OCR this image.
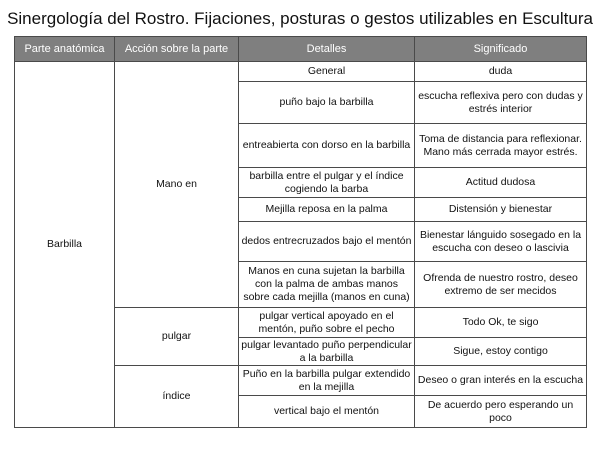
Sinergología del Rostro. Fijaciones, posturas o gestos utilizables en Escultura
Parte anatómica	Acción sobre la parte	Detalles	Significado
Barbilla	Mano en	General	duda
		puño bajo la barbilla	escucha reflexiva pero con dudas y estrés interior
		entreabierta con dorso en la barbilla	Toma de distancia para reflexionar. Mano más cerrada mayor estrés.
		barbilla entre el pulgar y el índice cogiendo la barba	Actitud dudosa
		Mejilla reposa en la palma	Distensión y bienestar
		dedos entrecruzados bajo el mentón	Bienestar lánguido sosegado en la escucha con deseo o lascivia
		Manos en cuna sujetan la barbilla con la palma de ambas manos sobre cada mejilla (manos en cuna)	Ofrenda de nuestro rostro, deseo extremo de ser mecidos
	pulgar	pulgar vertical apoyado en el mentón, puño sobre el pecho	Todo Ok, te sigo
		pulgar levantado puño perpendicular a la barbilla	Sigue, estoy contigo
	índice	Puño en la barbilla pulgar extendido en la mejilla	Deseo o gran interés en la escucha
		vertical bajo el mentón	De acuerdo pero esperando un poco
